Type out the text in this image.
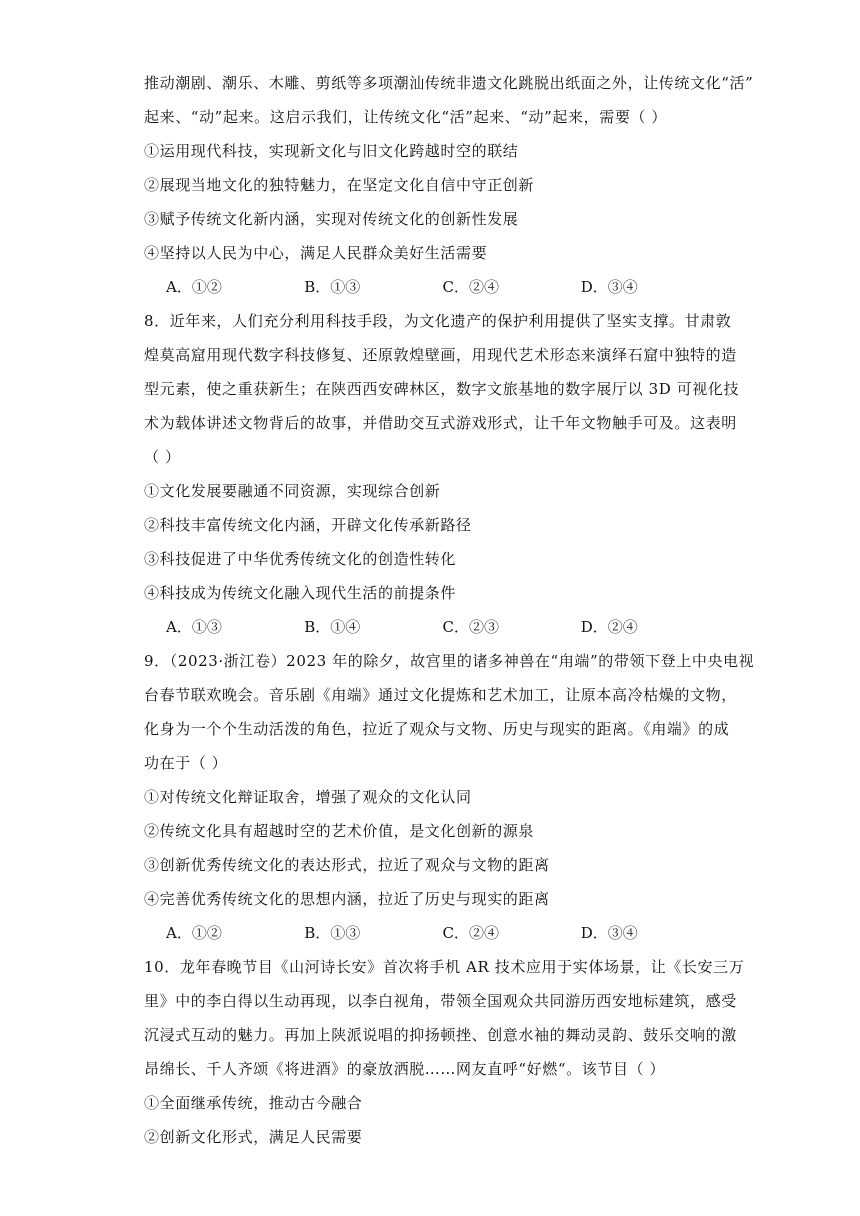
推动潮剧、潮乐、木雕、剪纸等多项潮汕传统非遗文化跳脱出纸面之外，让传统文化“活”
起来、“动”起来。这启示我们，让传统文化“活”起来、“动”起来，需要（ ）
①运用现代科技，实现新文化与旧文化跨越时空的联结
②展现当地文化的独特魅力，在坚定文化自信中守正创新
③赋予传统文化新内涵，实现对传统文化的创新性发展
④坚持以人民为中心，满足人民群众美好生活需要
A．①②	B．①③	C．②④	D．③④
8．近年来，人们充分利用科技手段，为文化遗产的保护利用提供了坚实支撑。甘肃敦
煌莫高窟用现代数字科技修复、还原敦煌壁画，用现代艺术形态来演绎石窟中独特的造
型元素，使之重获新生；在陕西西安碑林区，数字文旅基地的数字展厅以 3D 可视化技
术为载体讲述文物背后的故事，并借助交互式游戏形式，让千年文物触手可及。这表明
（ ）
①文化发展要融通不同资源，实现综合创新
②科技丰富传统文化内涵，开辟文化传承新路径
③科技促进了中华优秀传统文化的创造性转化
④科技成为传统文化融入现代生活的前提条件
A．①③	B．①④	C．②③	D．②④
9．（2023·浙江卷）2023 年的除夕，故宫里的诸多神兽在“甪端”的带领下登上中央电视
台春节联欢晚会。音乐剧《甪端》通过文化提炼和艺术加工，让原本高冷枯燥的文物，
化身为一个个生动活泼的角色，拉近了观众与文物、历史与现实的距离。《甪端》的成
功在于（ ）
①对传统文化辩证取舍，增强了观众的文化认同
②传统文化具有超越时空的艺术价值，是文化创新的源泉
③创新优秀传统文化的表达形式，拉近了观众与文物的距离
④完善优秀传统文化的思想内涵，拉近了历史与现实的距离
A．①②	B．①③	C．②④	D．③④
10．龙年春晚节目《山河诗长安》首次将手机 AR 技术应用于实体场景，让《长安三万
里》中的李白得以生动再现，以李白视角，带领全国观众共同游历西安地标建筑，感受
沉浸式互动的魅力。再加上陕派说唱的抑扬顿挫、创意水袖的舞动灵韵、鼓乐交响的激
昂绵长、千人齐颂《将进酒》的豪放洒脱……网友直呼“好燃“。该节目（ ）
①全面继承传统，推动古今融合
②创新文化形式，满足人民需要
